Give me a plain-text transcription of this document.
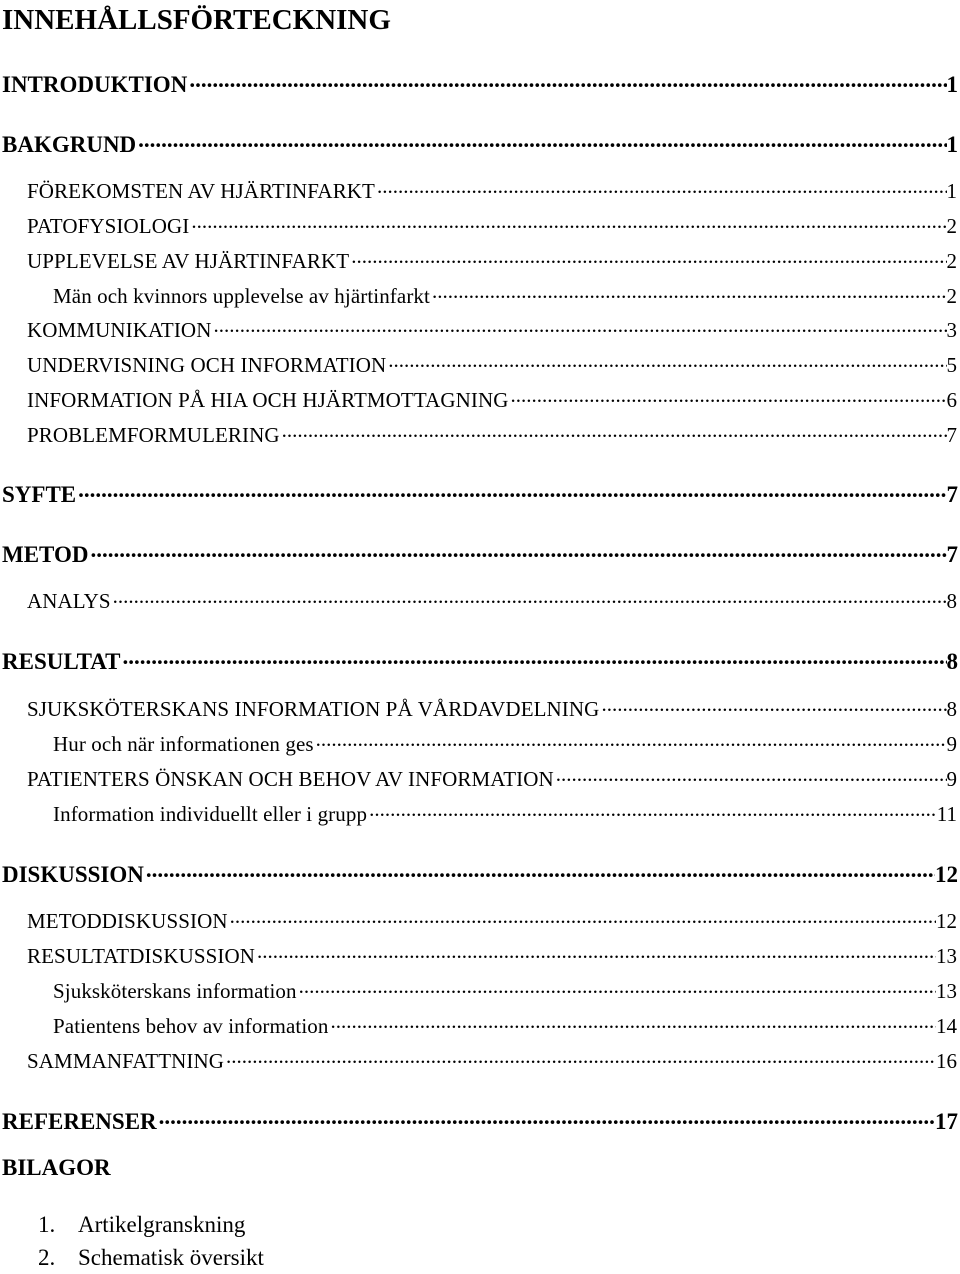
INNEHÅLLSFÖRTECKNING
INTRODUKTION .....	1
BAKGRUND .....	1
FÖREKOMSTEN AV HJÄRTINFARKT .....	1
PATOFYSIOLOGI .....	2
UPPLEVELSE AV HJÄRTINFARKT .....	2
Män och kvinnors upplevelse av hjärtinfarkt .....	2
KOMMUNIKATION .....	3
UNDERVISNING OCH INFORMATION .....	5
INFORMATION PÅ HIA OCH HJÄRTMOTTAGNING .....	6
PROBLEMFORMULERING .....	7
SYFTE .....	7
METOD .....	7
ANALYS .....	8
RESULTAT .....	8
SJUKSKÖTERSKANS INFORMATION PÅ VÅRDAVDELNING .....	8
Hur och när informationen ges .....	9
PATIENTERS ÖNSKAN OCH BEHOV AV INFORMATION .....	9
Information individuellt eller i grupp .....	11
DISKUSSION .....	12
METODDISKUSSION .....	12
RESULTATDISKUSSION .....	13
Sjuksköterskans information .....	13
Patientens behov av information .....	14
SAMMANFATTNING .....	16
REFERENSER .....	17
BILAGOR
1. Artikelgranskning
2. Schematisk översikt
